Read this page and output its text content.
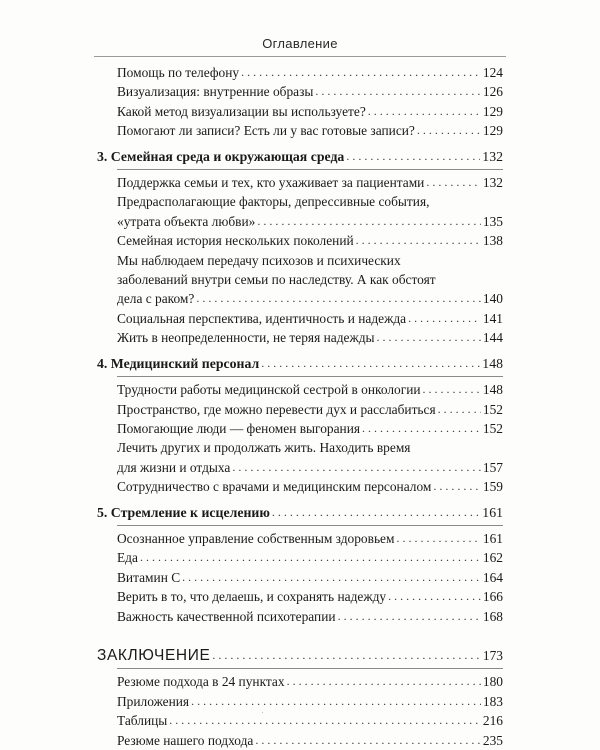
Оглавление
Помощь по телефону . . .	124
Визуализация: внутренние образы . . .	126
Какой метод визуализации вы используете? . . .	129
Помогают ли записи? Есть ли у вас готовые записи? . . .	129
3. Семейная среда и окружающая среда . . .	132
Поддержка семьи и тех, кто ухаживает за пациентами . . .	132
Предрасполагающие факторы, депрессивные события,
«утрата объекта любви» . . .	135
Семейная история нескольких поколений . . .	138
Мы наблюдаем передачу психозов и психических
заболеваний внутри семьи по наследству. А как обстоят
дела с раком? . . .	140
Социальная перспектива, идентичность и надежда . . .	141
Жить в неопределенности, не теряя надежды . . .	144
4. Медицинский персонал . . .	148
Трудности работы медицинской сестрой в онкологии . . .	148
Пространство, где можно перевести дух и расслабиться . . .	152
Помогающие люди — феномен выгорания . . .	152
Лечить других и продолжать жить. Находить время
для жизни и отдыха . . .	157
Сотрудничество с врачами и медицинским персоналом . . .	159
5. Стремление к исцелению . . .	161
Осознанное управление собственным здоровьем . . .	161
Еда . . .	162
Витамин С . . .	164
Верить в то, что делаешь, и сохранять надежду . . .	166
Важность качественной психотерапии . . .	168
ЗАКЛЮЧЕНИЕ . . .	173
Резюме подхода в 24 пунктах . . .	180
Приложения . . .	183
Таблицы . . .	216
Резюме нашего подхода . . .	235
